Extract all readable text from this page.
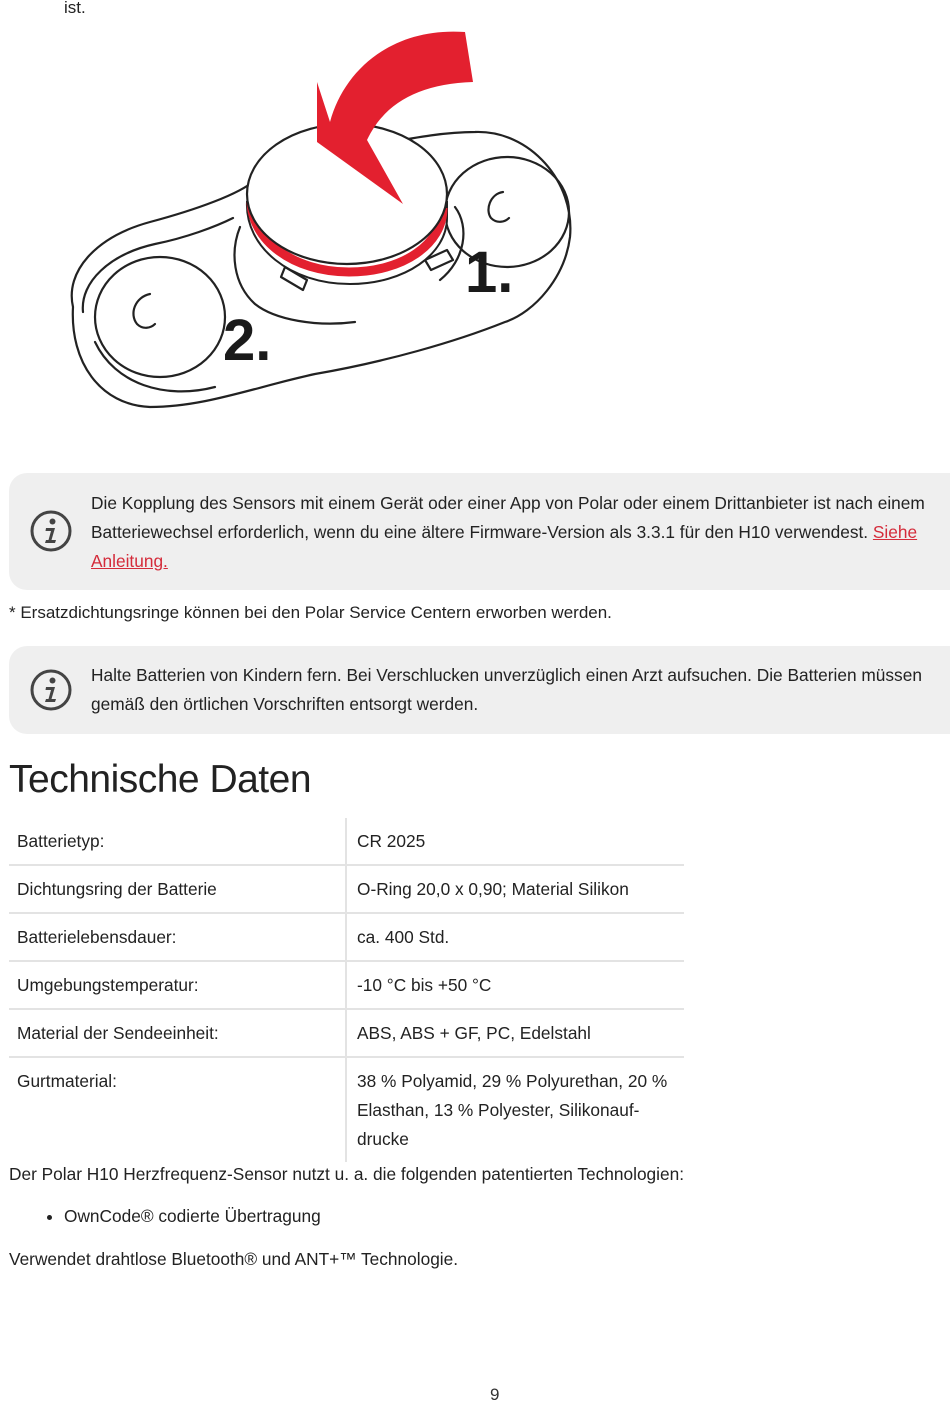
ist.
1.
2.
Die Kopplung des Sensors mit einem Gerät oder einer App von Polar oder einem Drittanbieter ist nach einem Batteriewechsel erforderlich, wenn du eine ältere Firmware-Version als 3.3.1 für den H10 verwendest. Siehe Anleitung.
* Ersatzdichtungsringe können bei den Polar Service Centern erworben werden.
Halte Batterien von Kindern fern. Bei Verschlucken unverzüglich einen Arzt aufsuchen. Die Batterien müssen gemäß den örtlichen Vorschriften entsorgt werden.
Technische Daten
Batterietyp:	CR 2025
Dichtungsring der Batterie	O-Ring 20,0 x 0,90; Material Silikon
Batterielebensdauer:	ca. 400 Std.
Umgebungstemperatur:	-10 °C bis +50 °C
Material der Sendeeinheit:	ABS, ABS + GF, PC, Edelstahl
Gurtmaterial:	38 % Polyamid, 29 % Polyurethan, 20 % Elasthan, 13 % Polyester, Silikonaufdrucke
Der Polar H10 Herzfrequenz-Sensor nutzt u. a. die folgenden patentierten Technologien:
• OwnCode® codierte Übertragung
Verwendet drahtlose Bluetooth® und ANT+™ Technologie.
9
